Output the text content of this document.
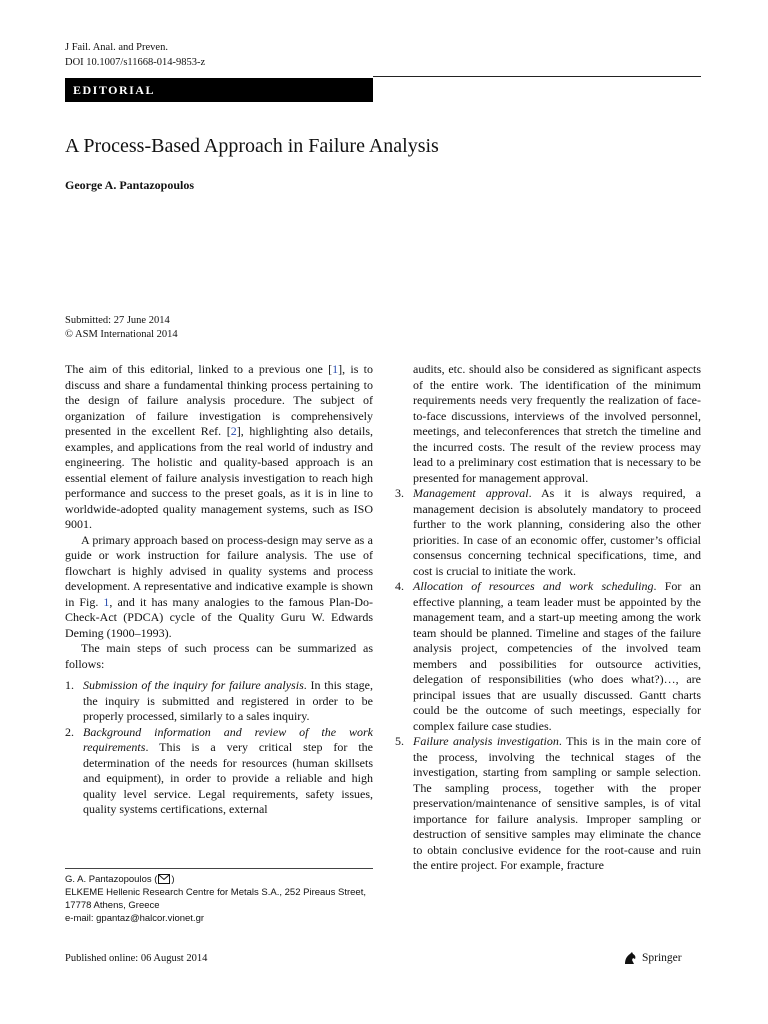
J Fail. Anal. and Preven.
DOI 10.1007/s11668-014-9853-z
EDITORIAL
A Process-Based Approach in Failure Analysis
George A. Pantazopoulos
Submitted: 27 June 2014
© ASM International 2014

The aim of this editorial, linked to a previous one [1], is to discuss and share a fundamental thinking process pertaining to the design of failure analysis procedure. The subject of organization of failure investigation is comprehensively presented in the excellent Ref. [2], highlighting also details, examples, and applications from the real world of industry and engineering. The holistic and quality-based approach is an essential element of failure analysis investigation to reach high performance and success to the preset goals, as it is in line to worldwide-adopted quality management systems, such as ISO 9001.

A primary approach based on process-design may serve as a guide or work instruction for failure analysis. The use of flowchart is highly advised in quality systems and process development. A representative and indicative example is shown in Fig. 1, and it has many analogies to the famous Plan-Do-Check-Act (PDCA) cycle of the Quality Guru W. Edwards Deming (1900–1993).

The main steps of such process can be summarized as follows:

1. Submission of the inquiry for failure analysis. In this stage, the inquiry is submitted and registered in order to be properly processed, similarly to a sales inquiry.
2. Background information and review of the work requirements. This is a very critical step for the determination of the needs for resources (human skillsets and equipment), in order to provide a reliable and high quality level service. Legal requirements, safety issues, quality systems certifications, external

audits, etc. should also be considered as significant aspects of the entire work. The identification of the minimum requirements needs very frequently the realization of face-to-face discussions, interviews of the involved personnel, meetings, and teleconferences that stretch the timeline and the incurred costs. The result of the review process may lead to a preliminary cost estimation that is necessary to be presented for management approval.

3. Management approval. As it is always required, a management decision is absolutely mandatory to proceed further to the work planning, considering also the other priorities. In case of an economic offer, customer’s official consensus concerning technical specifications, time, and cost is crucial to initiate the work.
4. Allocation of resources and work scheduling. For an effective planning, a team leader must be appointed by the management team, and a start-up meeting among the work team should be planned. Timeline and stages of the failure analysis project, competencies of the involved team members and possibilities for outsource activities, delegation of responsibilities (who does what?)…, are principal issues that are usually discussed. Gantt charts could be the outcome of such meetings, especially for complex failure case studies.
5. Failure analysis investigation. This is in the main core of the process, involving the technical stages of the investigation, starting from sampling or sample selection. The sampling process, together with the proper preservation/maintenance of sensitive samples, is of vital importance for failure analysis. Improper sampling or destruction of sensitive samples may eliminate the chance to obtain conclusive evidence for the root-cause and ruin the entire project. For example, fracture
G. A. Pantazopoulos ( )
ELKEME Hellenic Research Centre for Metals S.A., 252 Pireaus Street, 17778 Athens, Greece
e-mail: gpantaz@halcor.vionet.gr
Published online: 06 August 2014	Springer
